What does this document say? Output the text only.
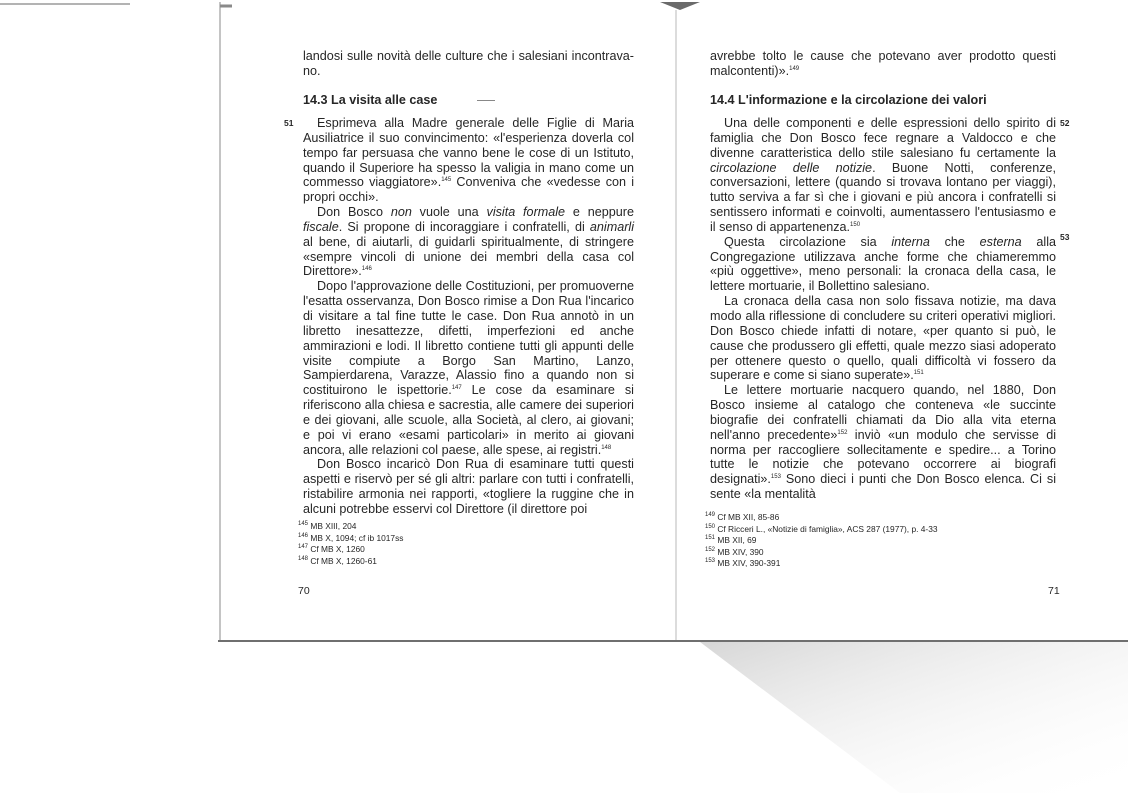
landosi sulle novità delle culture che i salesiani incontrava-no.

14.3 La visita alle case
51	Esprimeva alla Madre generale delle Figlie di Maria Ausiliatrice il suo convincimento: «l'esperienza doverla col tempo far persuasa che vanno bene le cose di un Istituto, quando il Superiore ha spesso la valigia in mano come un commesso viaggiatore».$^{145}$ Conveniva che «vedesse con i propri occhi».

Don Bosco non vuole una visita formale e neppure fiscale. Si propone di incoraggiare i confratelli, di animarli al bene, di aiutarli, di guidarli spiritualmente, di stringere «sempre vincoli di unione dei membri della casa col Direttore».$^{146}$

Dopo l'approvazione delle Costituzioni, per promuoverne l'esatta osservanza, Don Bosco rimise a Don Rua l'incarico di visitare a tal fine tutte le case. Don Rua annotò in un libretto inesattezze, difetti, imperfezioni ed anche ammirazioni e lodi. Il libretto contiene tutti gli appunti delle visite compiute a Borgo San Martino, Lanzo, Sampierdarena, Varazze, Alassio fino a quando non si costituirono le ispettorie.$^{147}$ Le cose da esaminare si riferiscono alla chiesa e sacrestia, alle camere dei superiori e dei giovani, alle scuole, alla Società, al clero, ai giovani; e poi vi erano «esami particolari» in merito ai giovani ancora, alle relazioni col paese, alle spese, ai registri.$^{148}$

Don Bosco incaricò Don Rua di esaminare tutti questi aspetti e riservò per sé gli altri: parlare con tutti i confratelli, ristabilire armonia nei rapporti, «togliere la ruggine che in alcuni potrebbe esservi col Direttore (il direttore poi

$^{145}$ MB XIII, 204
$^{146}$ MB X, 1094; cf ib 1017ss
$^{147}$ Cf MB X, 1260
$^{148}$ Cf MB X, 1260-61
70

avrebbe tolto le cause che potevano aver prodotto questi malcontenti)».$^{149}$

14.4 L'informazione e la circolazione dei valori
52
53

Una delle componenti e delle espressioni dello spirito di famiglia che Don Bosco fece regnare a Valdocco e che divenne caratteristica dello stile salesiano fu certamente la circolazione delle notizie. Buone Notti, conferenze, conversazioni, lettere (quando si trovava lontano per viaggi), tutto serviva a far sì che i giovani e più ancora i confratelli si sentissero informati e coinvolti, aumentassero l'entusiasmo e il senso di appartenenza.$^{150}$

Questa circolazione sia interna che esterna alla Congregazione utilizzava anche forme che chiameremmo «più oggettive», meno personali: la cronaca della casa, le lettere mortuarie, il Bollettino salesiano.

La cronaca della casa non solo fissava notizie, ma dava modo alla riflessione di concludere su criteri operativi migliori. Don Bosco chiede infatti di notare, «per quanto si può, le cause che produssero gli effetti, quale mezzo siasi adoperato per ottenere questo o quello, quali difficoltà vi fossero da superare e come si siano superate».$^{151}$

Le lettere mortuarie nacquero quando, nel 1880, Don Bosco insieme al catalogo che conteneva «le succinte biografie dei confratelli chiamati da Dio alla vita eterna nell'anno precedente»$^{152}$ inviò «un modulo che servisse di norma per raccogliere sollecitamente e spedire... a Torino tutte le notizie che potevano occorrere ai biografi designati».$^{153}$ Sono dieci i punti che Don Bosco elenca. Ci si sente «la mentalità

$^{149}$ Cf MB XII, 85-86
$^{150}$ Cf Ricceri L., «Notizie di famiglia», ACS 287 (1977), p. 4-33
$^{151}$ MB XII, 69
$^{152}$ MB XIV, 390
$^{153}$ MB XIV, 390-391
71
